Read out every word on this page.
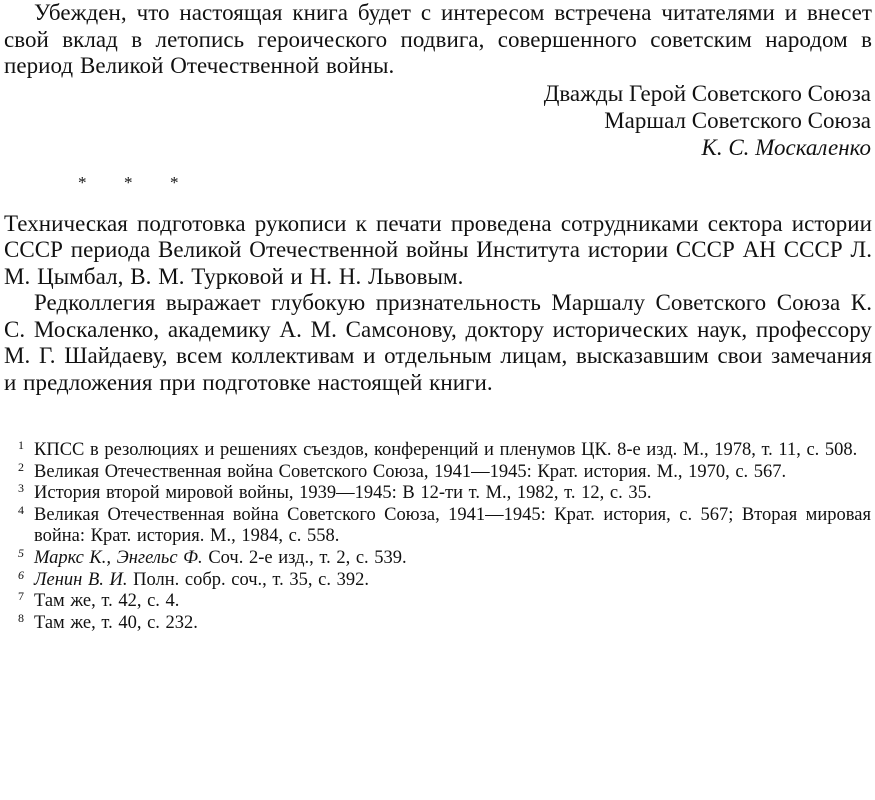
Убежден, что настоящая книга будет с интересом встречена читателями и внесет свой вклад в летопись героического подвига, совершенного советским народом в период Великой Отечественной войны.

Дважды Герой Советского Союза
Маршал Советского Союза
К. С. Москаленко
* * *

Техническая подготовка рукописи к печати проведена сотрудниками сектора истории СССР периода Великой Отечественной войны Института истории СССР АН СССР Л. М. Цымбал, В. М. Турковой и Н. Н. Львовым.

Редколлегия выражает глубокую признательность Маршалу Советского Союза К. С. Москаленко, академику А. М. Самсонову, доктору исторических наук, профессору М. Г. Шайдаеву, всем коллективам и отдельным лицам, высказавшим свои замечания и предложения при подготовке настоящей книги.

1 КПСС в резолюциях и решениях съездов, конференций и пленумов ЦК. 8-е изд. М., 1978, т. 11, с. 508.
2 Великая Отечественная война Советского Союза, 1941—1945: Крат. история. М., 1970, с. 567.
3 История второй мировой войны, 1939—1945: В 12-ти т. М., 1982, т. 12, с. 35.
4 Великая Отечественная война Советского Союза, 1941—1945: Крат. история, с. 567; Вторая мировая война: Крат. история. М., 1984, с. 558.
5 Маркс К., Энгельс Ф. Соч. 2-е изд., т. 2, с. 539.
6 Ленин В. И. Полн. собр. соч., т. 35, с. 392.
7 Там же, т. 42, с. 4.
8 Там же, т. 40, с. 232.
